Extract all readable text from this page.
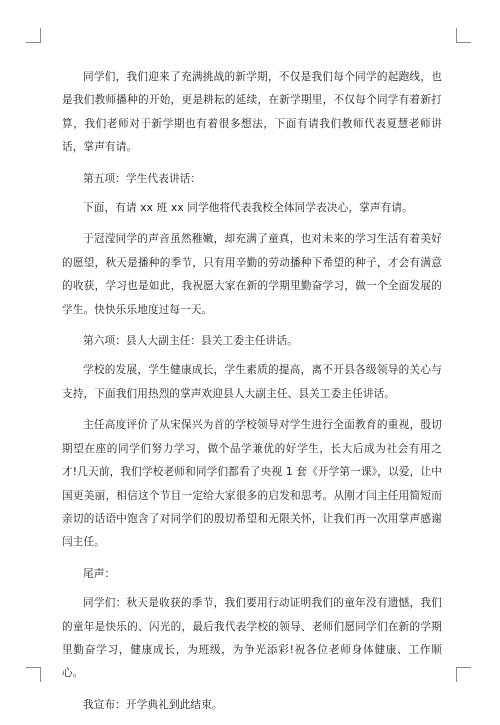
同学们，我们迎来了充满挑战的新学期，不仅是我们每个同学的起跑线，也是我们教师播种的开始，更是耕耘的延续，在新学期里，不仅每个同学有着新打算，我们老师对于新学期也有着很多想法，下面有请我们教师代表夏慧老师讲话，掌声有请。

第五项：学生代表讲话：

下面，有请 xx 班 xx 同学他将代表我校全体同学表决心，掌声有请。

于冠滢同学的声音虽然稚嫩，却充满了童真，也对未来的学习生活有着美好的愿望，秋天是播种的季节，只有用辛勤的劳动播种下希望的种子，才会有满意的收获，学习也是如此，我祝愿大家在新的学期里勤奋学习，做一个全面发展的学生。快快乐乐地度过每一天。

第六项：县人大副主任：县关工委主任讲话。

学校的发展，学生健康成长，学生素质的提高，离不开县各级领导的关心与支持，下面我们用热烈的掌声欢迎县人大副主任、县关工委主任讲话。

主任高度评价了从宋保兴为首的学校领导对学生进行全面教育的重视，殷切期望在座的同学们努力学习，做个品学兼优的好学生，长大后成为社会有用之才!几天前，我们学校老师和同学们都看了央视 1 套《开学第一课》，以爱，让中国更美丽，相信这个节目一定给大家很多的启发和思考。从刚才闫主任用简短而亲切的话语中饱含了对同学们的殷切希望和无限关怀，让我们再一次用掌声感谢闫主任。

尾声：

同学们：秋天是收获的季节，我们要用行动证明我们的童年没有遗憾，我们的童年是快乐的、闪光的，最后我代表学校的领导、老师们愿同学们在新的学期里勤奋学习，健康成长，为班级，为争光添彩!祝各位老师身体健康、工作顺心。

我宣布：开学典礼到此结束。
